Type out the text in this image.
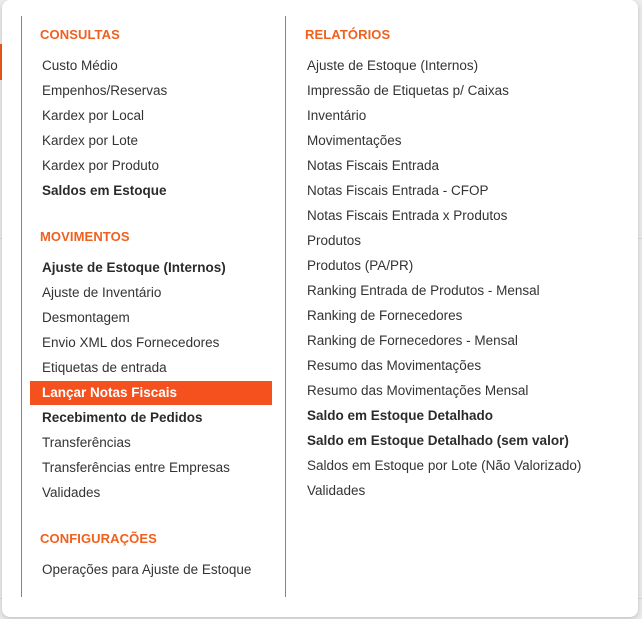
CONSULTAS
Custo Médio
Empenhos/Reservas
Kardex por Local
Kardex por Lote
Kardex por Produto
Saldos em Estoque
MOVIMENTOS
Ajuste de Estoque (Internos)
Ajuste de Inventário
Desmontagem
Envio XML dos Fornecedores
Etiquetas de entrada
Lançar Notas Fiscais
Recebimento de Pedidos
Transferências
Transferências entre Empresas
Validades
CONFIGURAÇÕES
Operações para Ajuste de Estoque
RELATÓRIOS
Ajuste de Estoque (Internos)
Impressão de Etiquetas p/ Caixas
Inventário
Movimentações
Notas Fiscais Entrada
Notas Fiscais Entrada - CFOP
Notas Fiscais Entrada x Produtos
Produtos
Produtos (PA/PR)
Ranking Entrada de Produtos - Mensal
Ranking de Fornecedores
Ranking de Fornecedores - Mensal
Resumo das Movimentações
Resumo das Movimentações Mensal
Saldo em Estoque Detalhado
Saldo em Estoque Detalhado (sem valor)
Saldos em Estoque por Lote (Não Valorizado)
Validades
